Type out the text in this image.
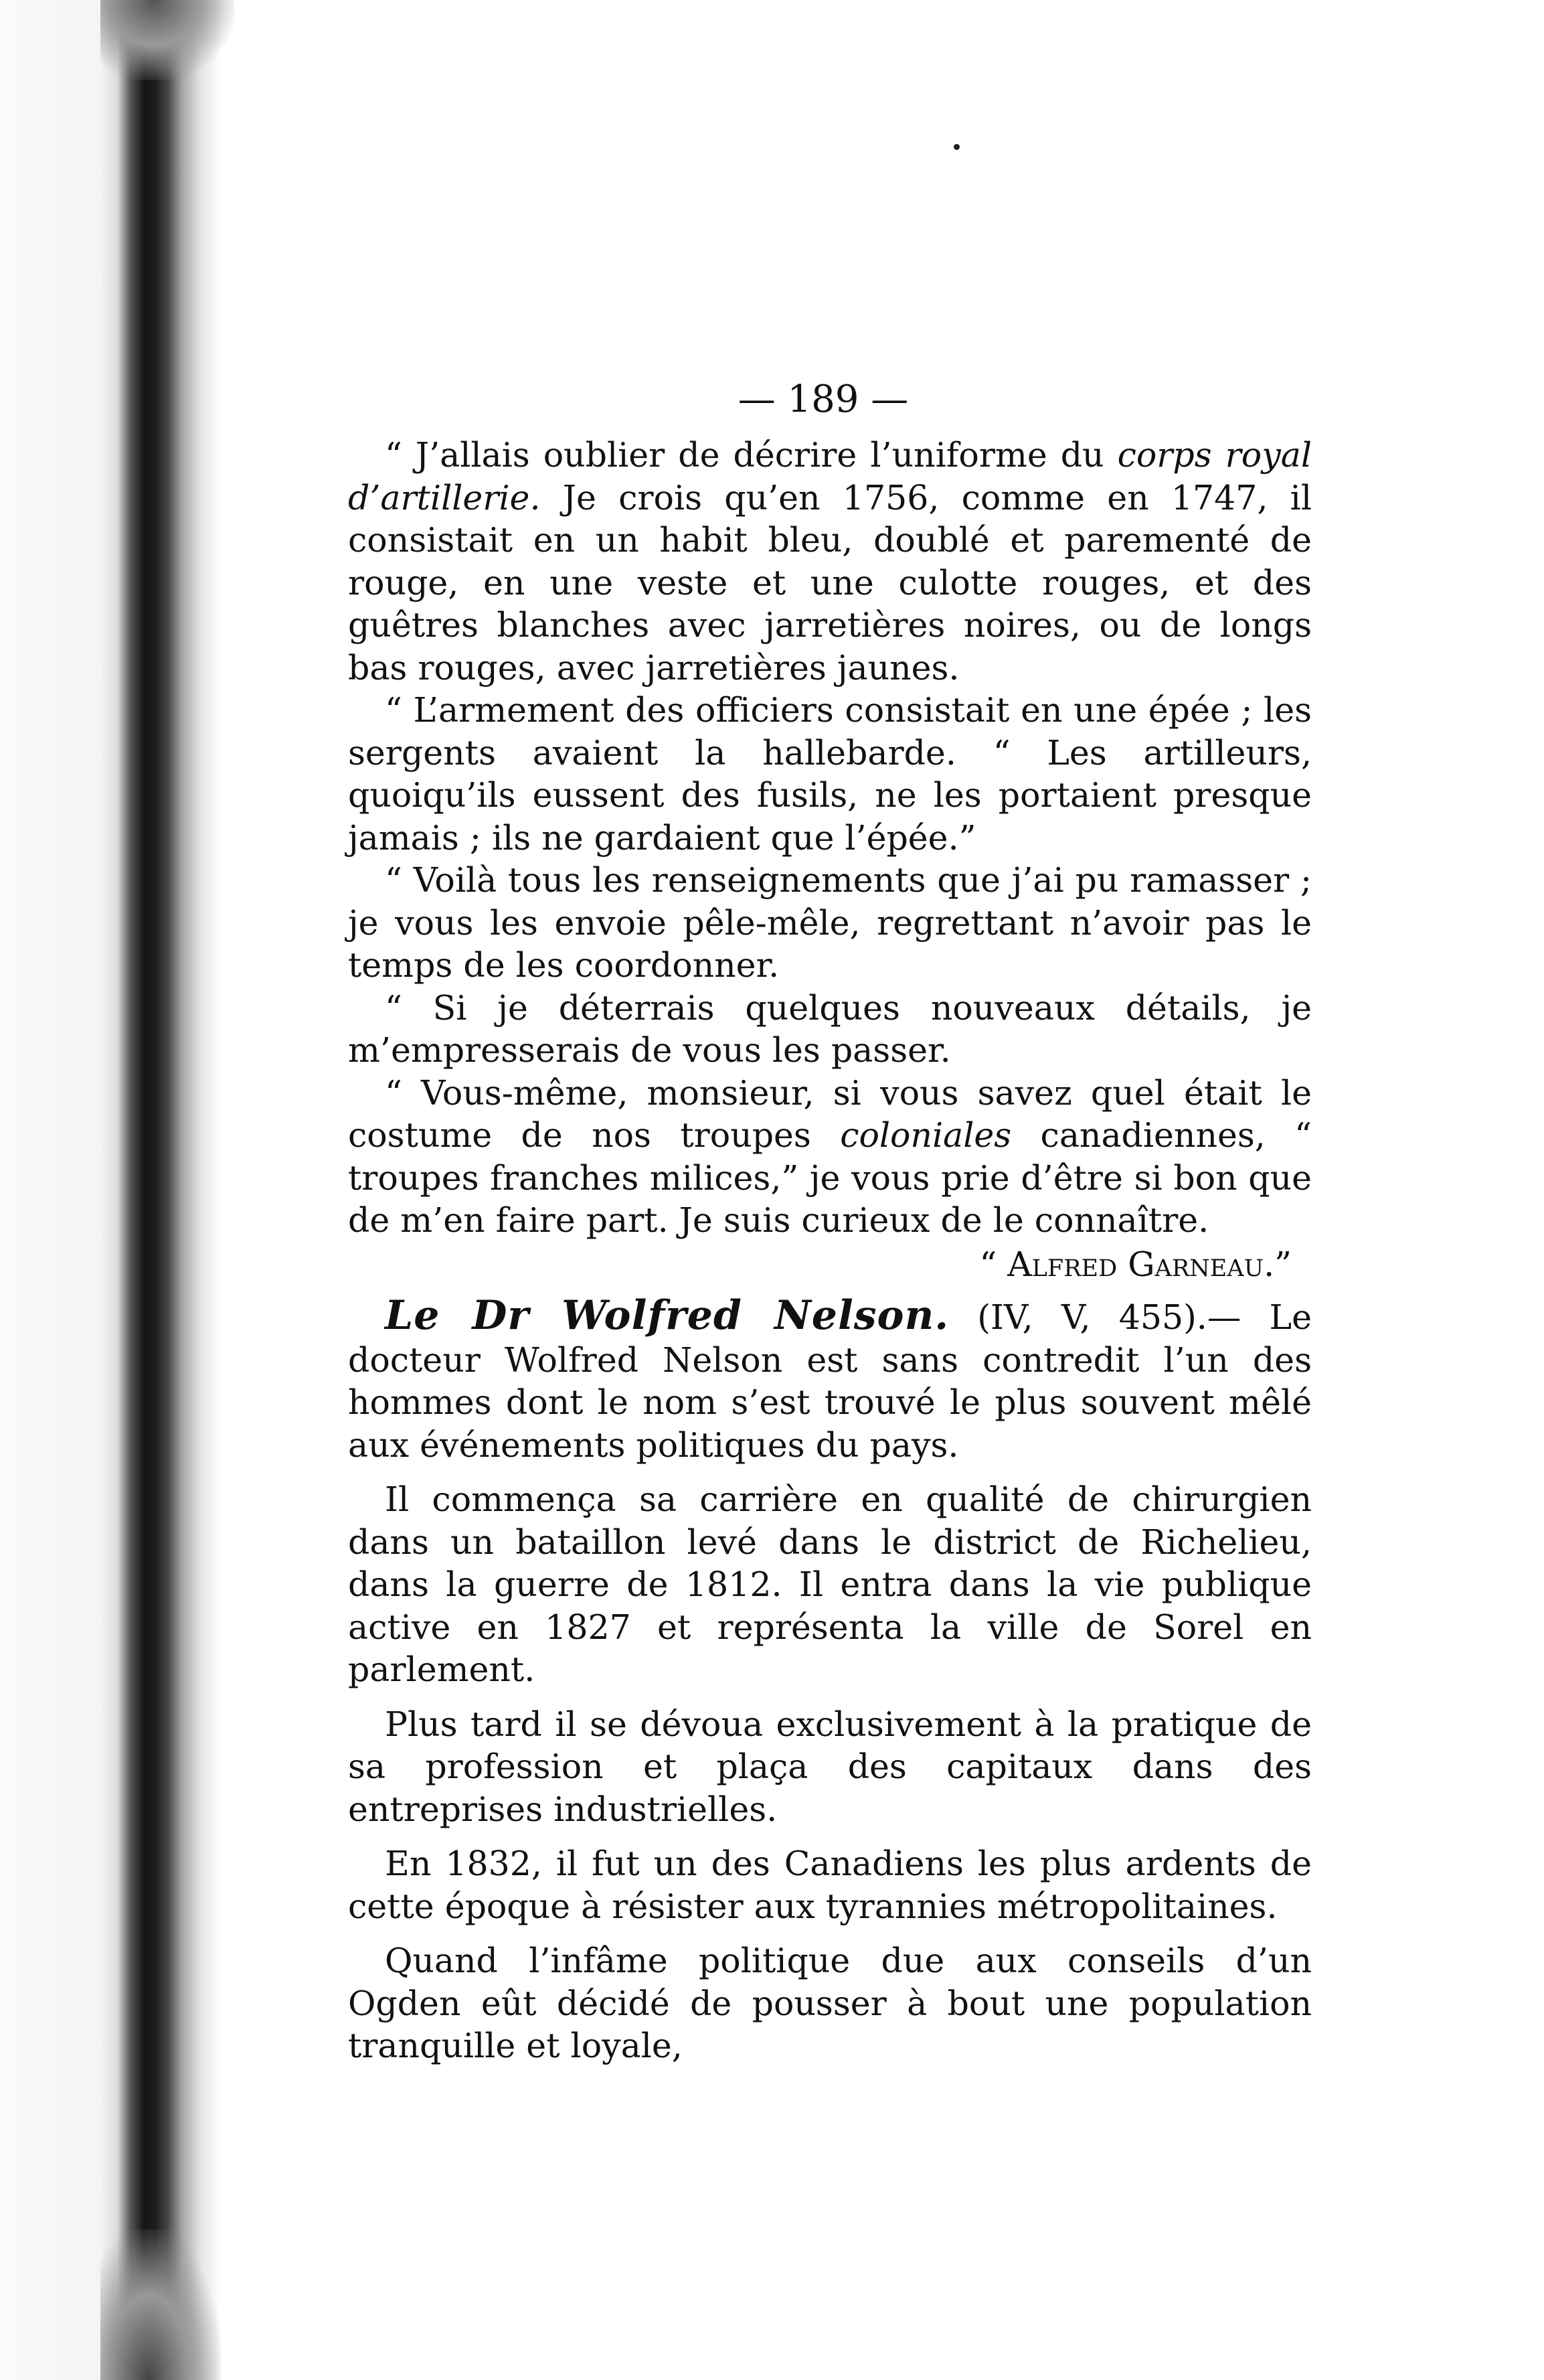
— 189 —

“ J’allais oublier de décrire l’uniforme du corps royal d’artillerie. Je crois qu’en 1756, comme en 1747, il consistait en un habit bleu, doublé et parementé de rouge, en une veste et une culotte rouges, et des guêtres blanches avec jarretières noires, ou de longs bas rouges, avec jarretières jaunes.

“ L’armement des officiers consistait en une épée ; les sergents avaient la hallebarde. “ Les artilleurs, quoiqu’ils eussent des fusils, ne les portaient presque jamais ; ils ne gardaient que l’épée.”

“ Voilà tous les renseignements que j’ai pu ramasser ; je vous les envoie pêle-mêle, regrettant n’avoir pas le temps de les coordonner.

“ Si je déterrais quelques nouveaux détails, je m’empresserais de vous les passer.

“ Vous-même, monsieur, si vous savez quel était le costume de nos troupes coloniales canadiennes, “ troupes franches milices,” je vous prie d’être si bon que de m’en faire part. Je suis curieux de le connaître.

“ Alfred Garneau.”

Le Dr Wolfred Nelson. (IV, V, 455).— Le docteur Wolfred Nelson est sans contredit l’un des hommes dont le nom s’est trouvé le plus souvent mêlé aux événements politiques du pays.

Il commença sa carrière en qualité de chirurgien dans un bataillon levé dans le district de Richelieu, dans la guerre de 1812. Il entra dans la vie publique active en 1827 et représenta la ville de Sorel en parlement.

Plus tard il se dévoua exclusivement à la pratique de sa profession et plaça des capitaux dans des entreprises industrielles.

En 1832, il fut un des Canadiens les plus ardents de cette époque à résister aux tyrannies métropolitaines.

Quand l’infâme politique due aux conseils d’un Ogden eût décidé de pousser à bout une population tranquille et loyale,
